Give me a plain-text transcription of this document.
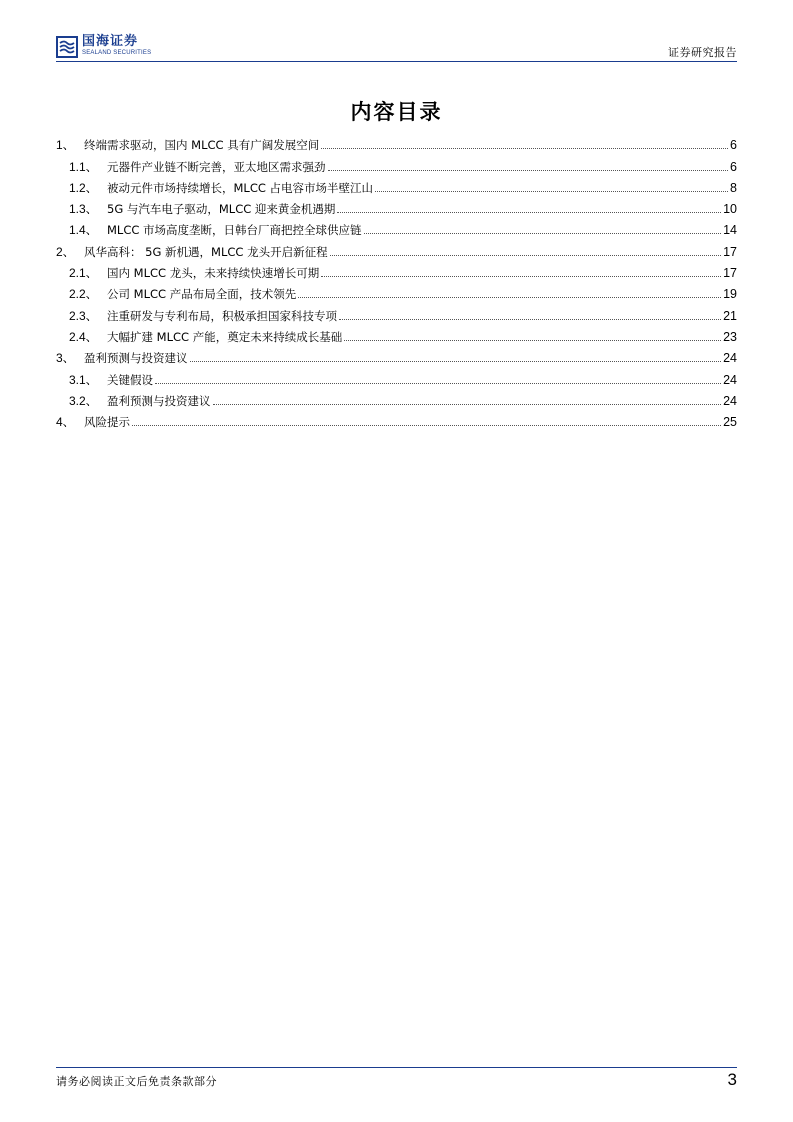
国海证券
SEALAND SECURITIES	证券研究报告
内容目录
1、 终端需求驱动，国内 MLCC 具有广阔发展空间	6
1.1、 元器件产业链不断完善，亚太地区需求强劲	6
1.2、 被动元件市场持续增长，MLCC 占电容市场半壁江山	8
1.3、 5G 与汽车电子驱动，MLCC 迎来黄金机遇期	10
1.4、 MLCC 市场高度垄断，日韩台厂商把控全球供应链	14
2、 风华高科： 5G 新机遇，MLCC 龙头开启新征程	17
2.1、 国内 MLCC 龙头，未来持续快速增长可期	17
2.2、 公司 MLCC 产品布局全面，技术领先	19
2.3、 注重研发与专利布局，积极承担国家科技专项	21
2.4、 大幅扩建 MLCC 产能，奠定未来持续成长基础	23
3、 盈利预测与投资建议	24
3.1、 关键假设	24
3.2、 盈利预测与投资建议	24
4、 风险提示	25
请务必阅读正文后免责条款部分	3
